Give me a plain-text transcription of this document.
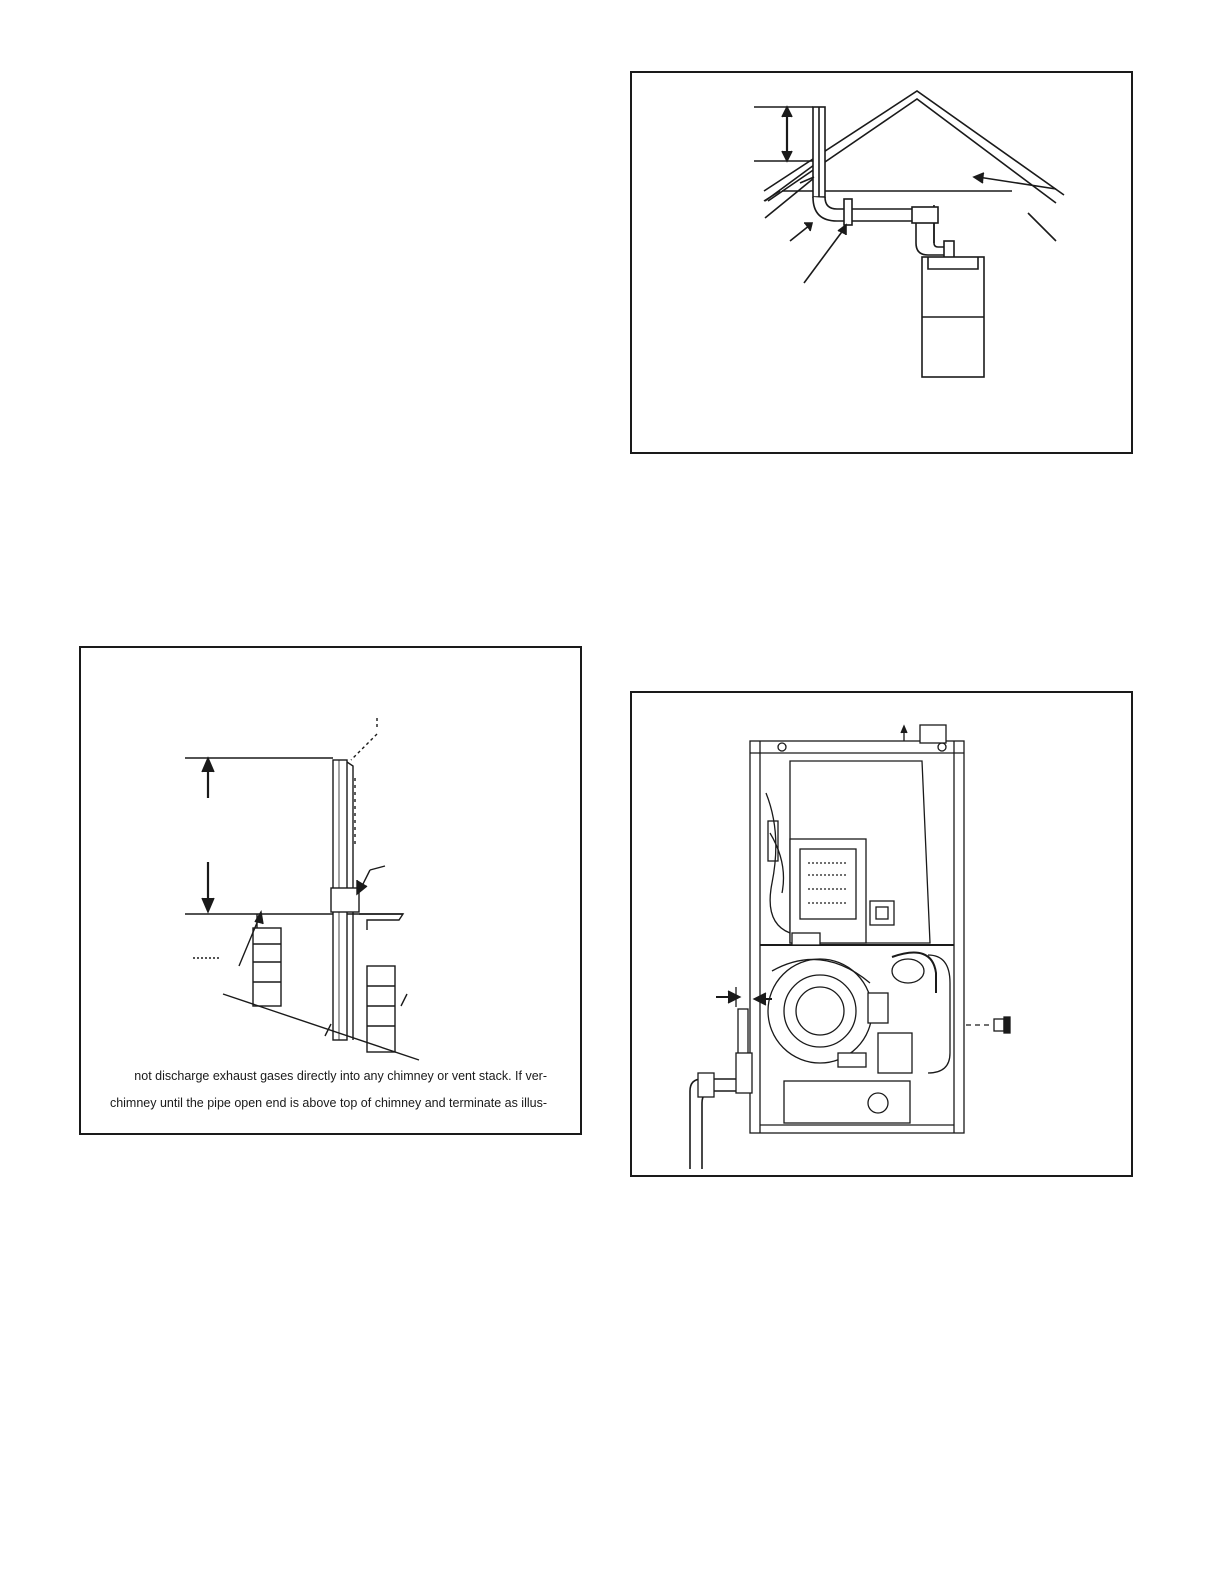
not discharge exhaust gases directly into any chimney or vent stack. If ver-
chimney until the pipe open end is above top of chimney and terminate as illus-
